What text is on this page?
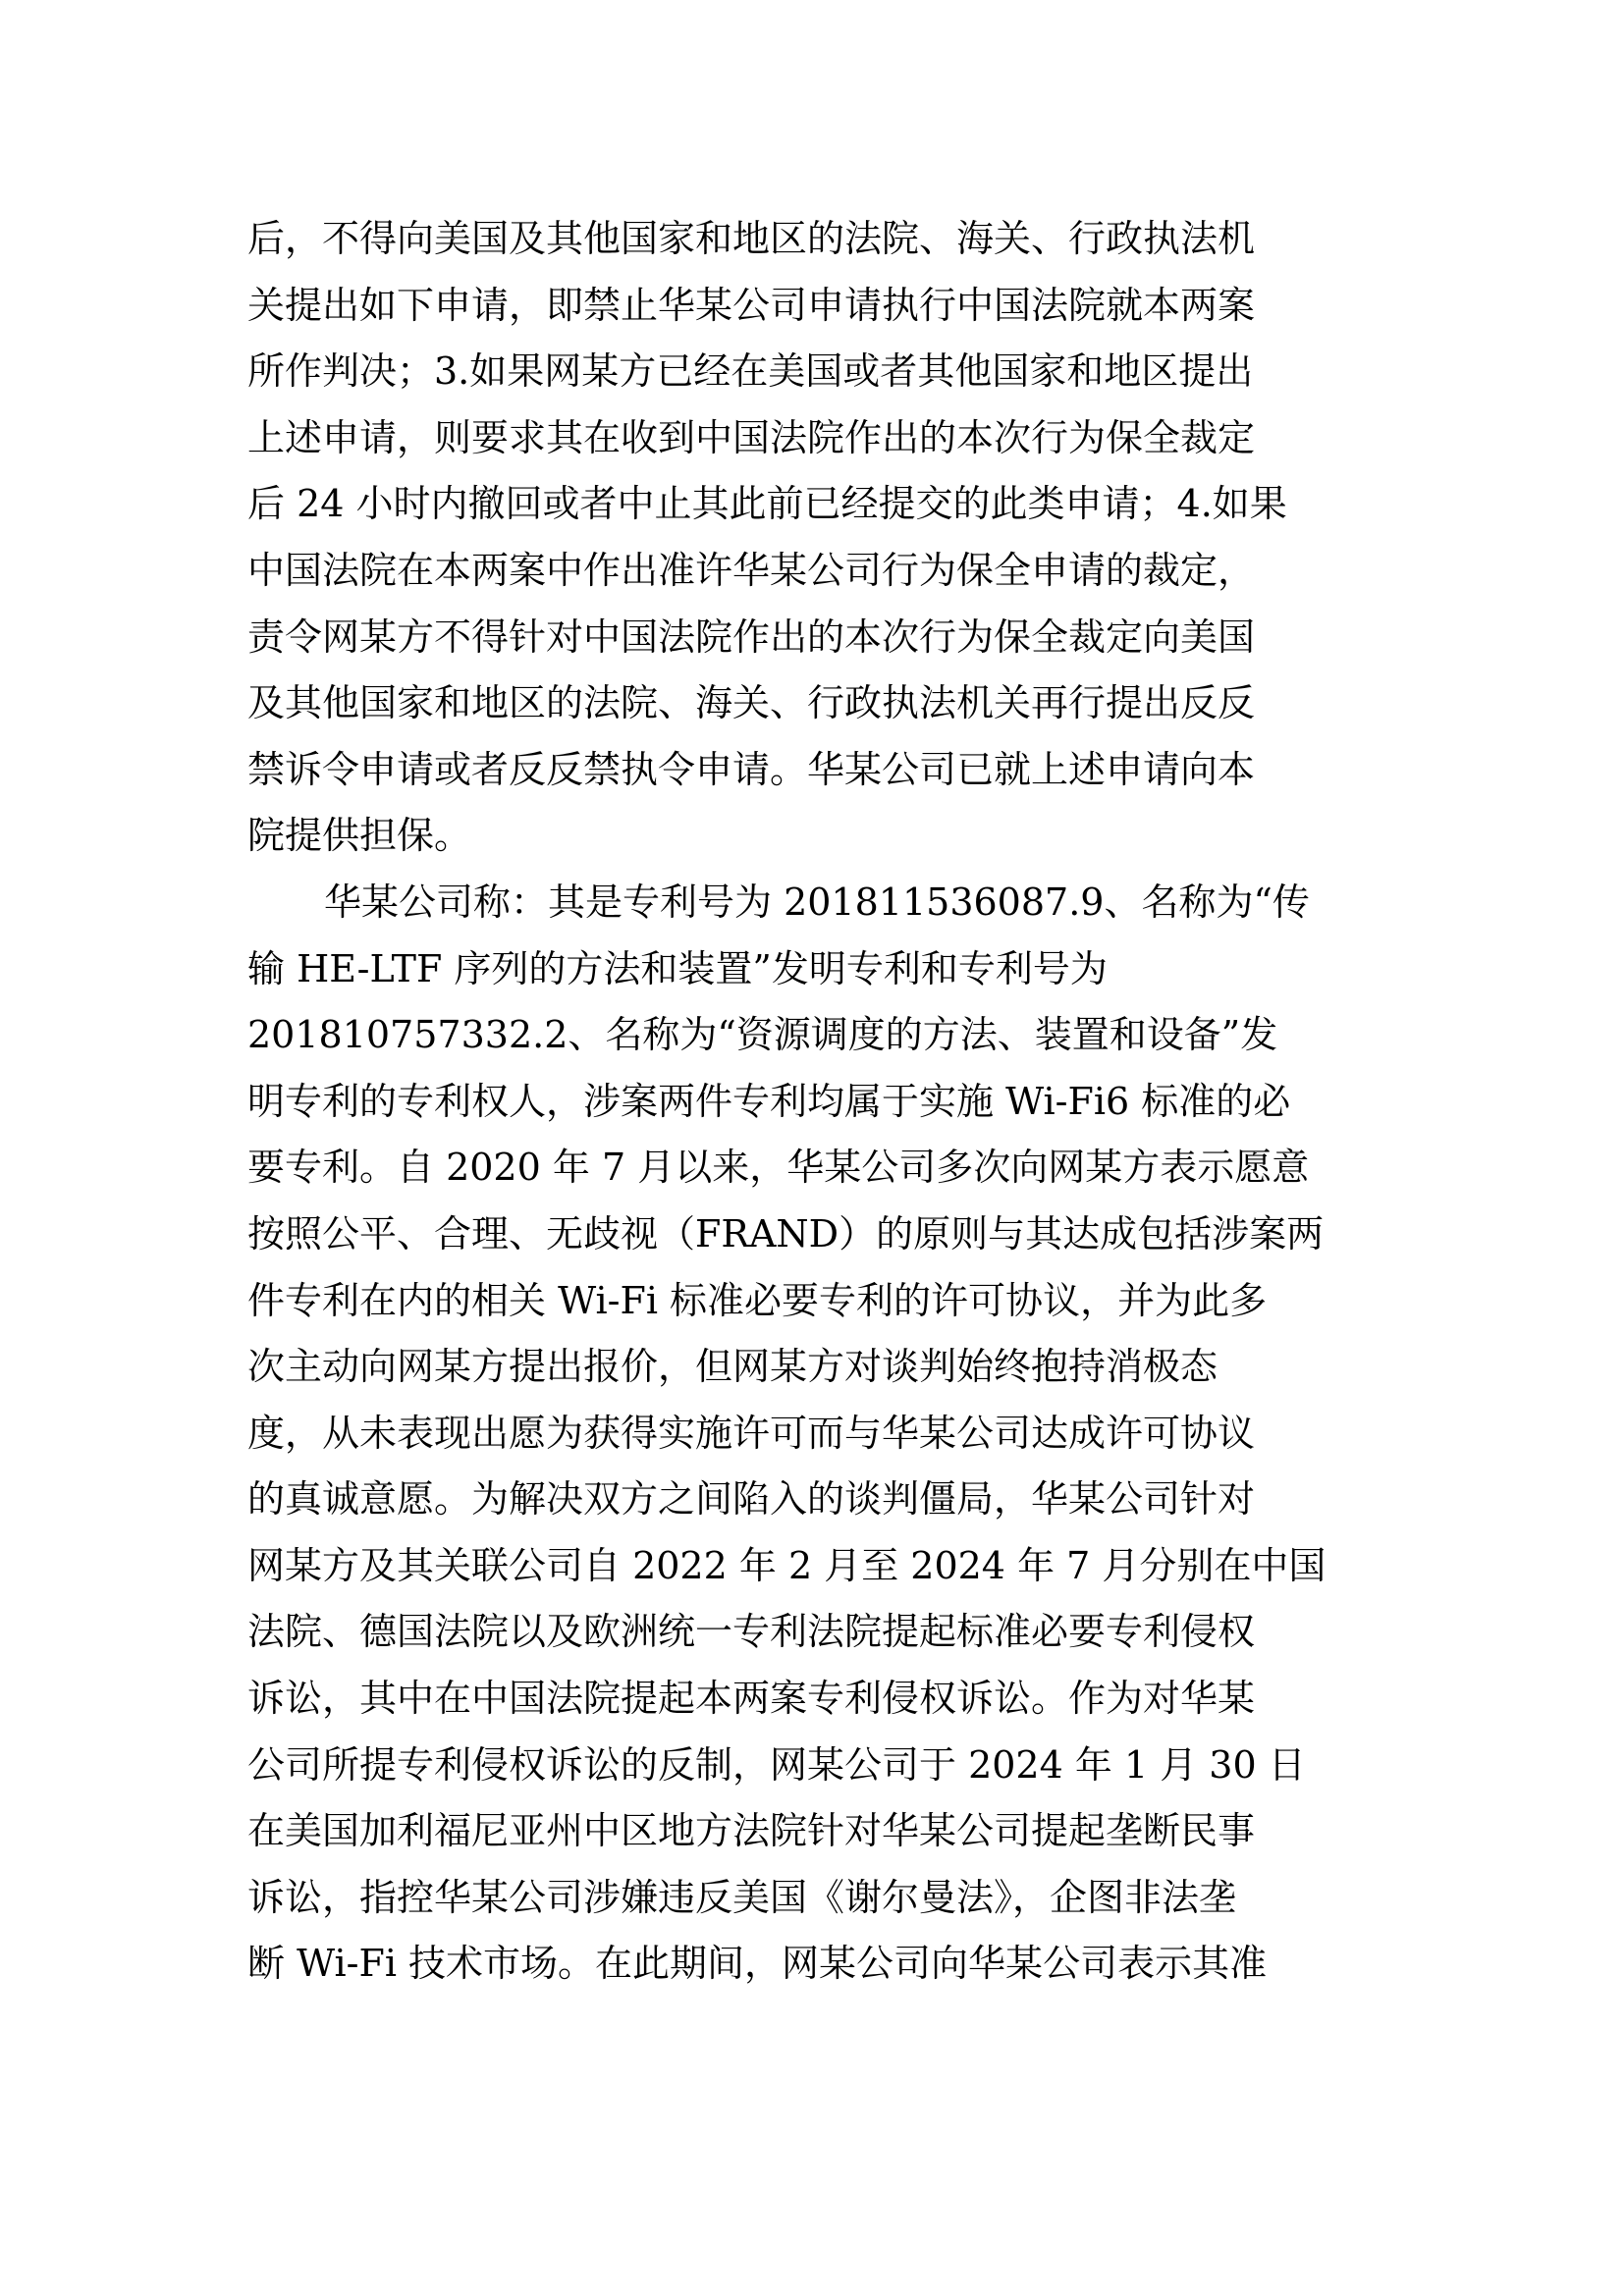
后，不得向美国及其他国家和地区的法院、海关、行政执法机
关提出如下申请，即禁止华某公司申请执行中国法院就本两案
所作判决；3.如果网某方已经在美国或者其他国家和地区提出
上述申请，则要求其在收到中国法院作出的本次行为保全裁定
后 24 小时内撤回或者中止其此前已经提交的此类申请；4.如果
中国法院在本两案中作出准许华某公司行为保全申请的裁定，
责令网某方不得针对中国法院作出的本次行为保全裁定向美国
及其他国家和地区的法院、海关、行政执法机关再行提出反反
禁诉令申请或者反反禁执令申请。华某公司已就上述申请向本
院提供担保。
华某公司称：其是专利号为 201811536087.9、名称为“传
输 HE-LTF 序列的方法和装置”发明专利和专利号为
201810757332.2、名称为“资源调度的方法、装置和设备”发
明专利的专利权人，涉案两件专利均属于实施 Wi-Fi6 标准的必
要专利。自 2020 年 7 月以来，华某公司多次向网某方表示愿意
按照公平、合理、无歧视（FRAND）的原则与其达成包括涉案两
件专利在内的相关 Wi-Fi 标准必要专利的许可协议，并为此多
次主动向网某方提出报价，但网某方对谈判始终抱持消极态
度，从未表现出愿为获得实施许可而与华某公司达成许可协议
的真诚意愿。为解决双方之间陷入的谈判僵局，华某公司针对
网某方及其关联公司自 2022 年 2 月至 2024 年 7 月分别在中国
法院、德国法院以及欧洲统一专利法院提起标准必要专利侵权
诉讼，其中在中国法院提起本两案专利侵权诉讼。作为对华某
公司所提专利侵权诉讼的反制，网某公司于 2024 年 1 月 30 日
在美国加利福尼亚州中区地方法院针对华某公司提起垄断民事
诉讼，指控华某公司涉嫌违反美国《谢尔曼法》，企图非法垄
断 Wi-Fi 技术市场。在此期间，网某公司向华某公司表示其准
